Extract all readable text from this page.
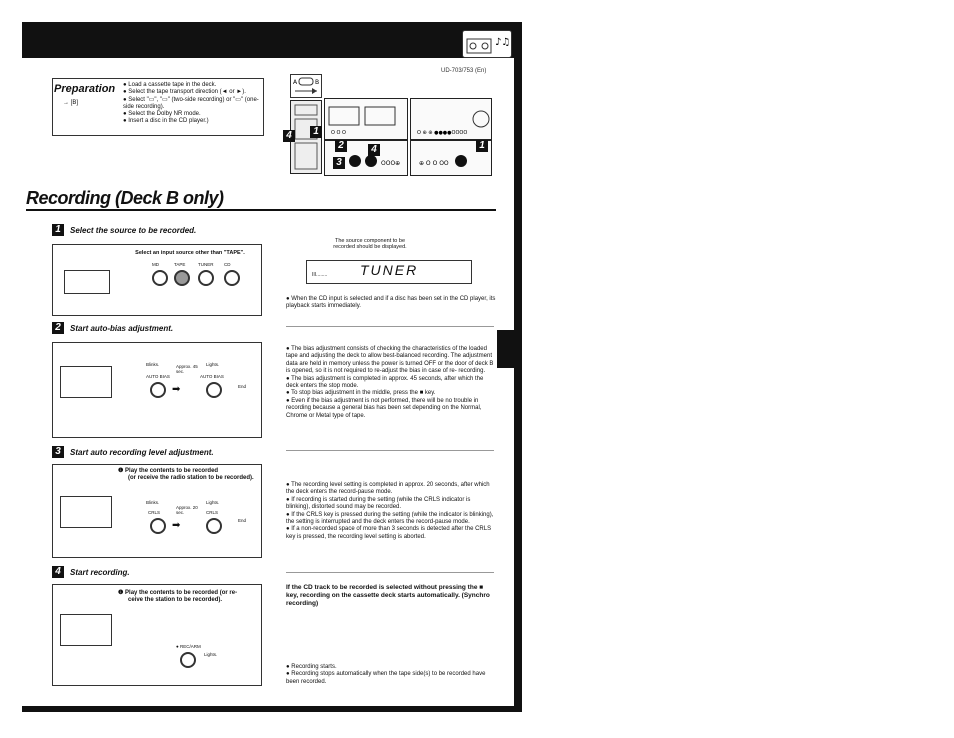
♪♫
UD-703/753 (En)
Preparation
→ [B]
● Load a cassette tape in the deck.
● Select the tape transport direction (◄ or ►).
● Select "▭", "▭" (two-side recording) or "▭" (one- side recording).
● Select the Dolby NR mode.
● Insert a disc in the CD player.)
A	B
O O O	O ⊕ ⊕ ●●●●OOOO
OOO⊕	⊕ O O OO
4	1
2	4
3
1
Recording (Deck B only)
1	Select the source to be recorded.
Select an input source other than "TAPE".
MD	TAPE	TUNER CD
The source component to be recorded should be displayed.
III........ TUNER
● When the CD input is selected and if a disc has been set in the CD player, its playback starts immediately.
2	Start auto-bias adjustment.
Blinks.	Lights.
Approx. 45 sec.
AUTO BIAS	AUTO BIAS
➡	End
● The bias adjustment consists of checking the characteristics of the loaded tape and adjusting the deck to allow best-balanced recording. The adjustment data are held in memory unless the power is turned OFF or the door of deck B is opened, so it is not required to re-adjust the bias in case of re- recording.
● The bias adjustment is completed in approx. 45 seconds, after which the deck enters the stop mode.
● To stop bias adjustment in the middle, press the ■ key.
● Even if the bias adjustment is not performed, there will be no trouble in recording because a general bias has been set depending on the Normal, Chrome or Metal type of tape.
3	Start auto recording level adjustment.
❶ Play the contents to be recorded
(or receive the radio station to be recorded).
Blinks.	Lights.
Approx. 20 sec.
CRLS	CRLS
➡	End
● The recording level setting is completed in approx. 20 seconds, after which the deck enters the record-pause mode.
● If recording is started during the setting (while the CRLS indicator is blinking), distorted sound may be recorded.
● If the CRLS key is pressed during the setting (while the indicator is blinking), the setting is interrupted and the deck enters the record-pause mode.
● If a non-recorded space of more than 3 seconds is detected after the CRLS key is pressed, the recording level setting is aborted.
4	Start recording.
❶ Play the contents to be recorded (or re-
ceive the station to be recorded).
● REC/ARM
Lights.
If the CD track to be recorded is selected without pressing the ■ key, recording on the cassette deck starts automatically. (Synchro recording)
● Recording starts.
● Recording stops automatically when the tape side(s) to be recorded have been recorded.
